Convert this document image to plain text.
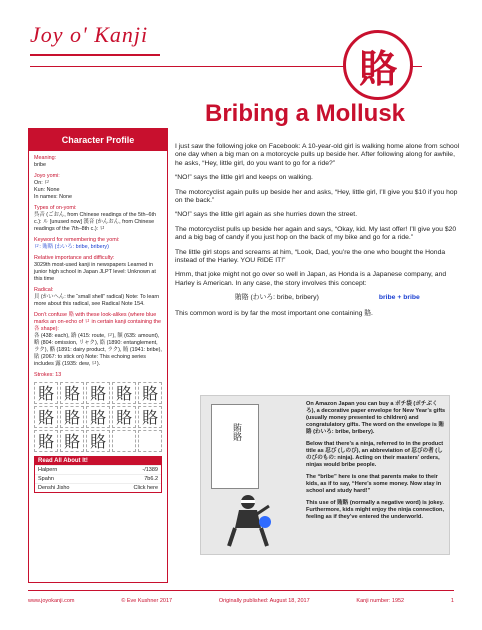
Joy o' Kanji
賂
Bribing a Mollusk
Character Profile
Meaning:
bribe
Joyo yomi:
On: ロ
Kun: None
In names: None
Types of on-yomi:
呉音 (ごおん, from Chinese readings of the 5th–6th c.): ル [unused now] 漢音 (かんおん, from Chinese readings of the 7th–8th c.): ロ
Keyword for remembering the yomi:
ロ: 賄賂 (わいろ: bribe, bribery)
Relative importance and difficulty:
3029th most-used kanji in newspapers Learned in junior high school in Japan JLPT level: Unknown at this time
Radical:
貝 (かいへん: the “small shell” radical) Note: To learn more about this radical, see Radical Note 154.
Don’t confuse 賂 with these look-alikes (where blue marks an on-echo of ロ in certain kanji containing the 各 shape):
各 (438: each), 路 (415: route, ロ), 額 (635: amount), 略 (804: omission, リャク), 絡 (1890: entanglement, ラク), 酪 (1891: dairy product, ラク), 賄 (1941: bribe), 貼 (2067: to stick on) Note: This echoing series includes 露 (1935: dew, ロ).
Strokes: 13
賂 賂 賂 賂 賂
賂 賂 賂 賂 賂
賂 賂 賂
Read All About It!
Halpern	-/1389
Spahn	7b6.2
Denshi Jisho	Click here

I just saw the following joke on Facebook: A 10-year-old girl is walking home alone from school one day when a big man on a motorcycle pulls up beside her. After following along for awhile, he asks, “Hey, little girl, do you want to go for a ride?”

“NO!” says the little girl and keeps on walking.

The motorcyclist again pulls up beside her and asks, “Hey, little girl, I’ll give you $10 if you hop on the back.”

“NO!” says the little girl again as she hurries down the street.

The motorcyclist pulls up beside her again and says, “Okay, kid. My last offer! I’ll give you $20 and a big bag of candy if you just hop on the back of my bike and go for a ride.”

The little girl stops and screams at him, “Look, Dad, you’re the one who bought the Honda instead of the Harley. YOU RIDE IT!”

Hmm, that joke might not go over so well in Japan, as Honda is a Japanese company, and Harley is American. In any case, the story involves this concept:

賄賂 (わいろ: bribe, bribery)	bribe + bribe

This common word is by far the most important one containing 賂.

賄賂

On Amazon Japan you can buy a ポチ袋 (ポチぶくろ), a decorative paper envelope for New Year’s gifts (usually money presented to children) and congratulatory gifts. The word on the envelope is 賄賂 (わいろ: bribe, bribery).

Below that there’s a ninja, referred to in the product title as 忍び (しのび), an abbreviation of 忍びの者 (しのびのもの: ninja). Acting on their masters’ orders, ninjas would bribe people.

The “bribe” here is one that parents make to their kids, as if to say, “Here’s some money. Now stay in school and study hard!”

This use of 賄賂 (normally a negative word) is jokey. Furthermore, kids might enjoy the ninja connection, feeling as if they’ve entered the underworld.

www.joyokanji.com	© Eve Kushner 2017	Originally published: August 18, 2017	Kanji number: 1952	1
